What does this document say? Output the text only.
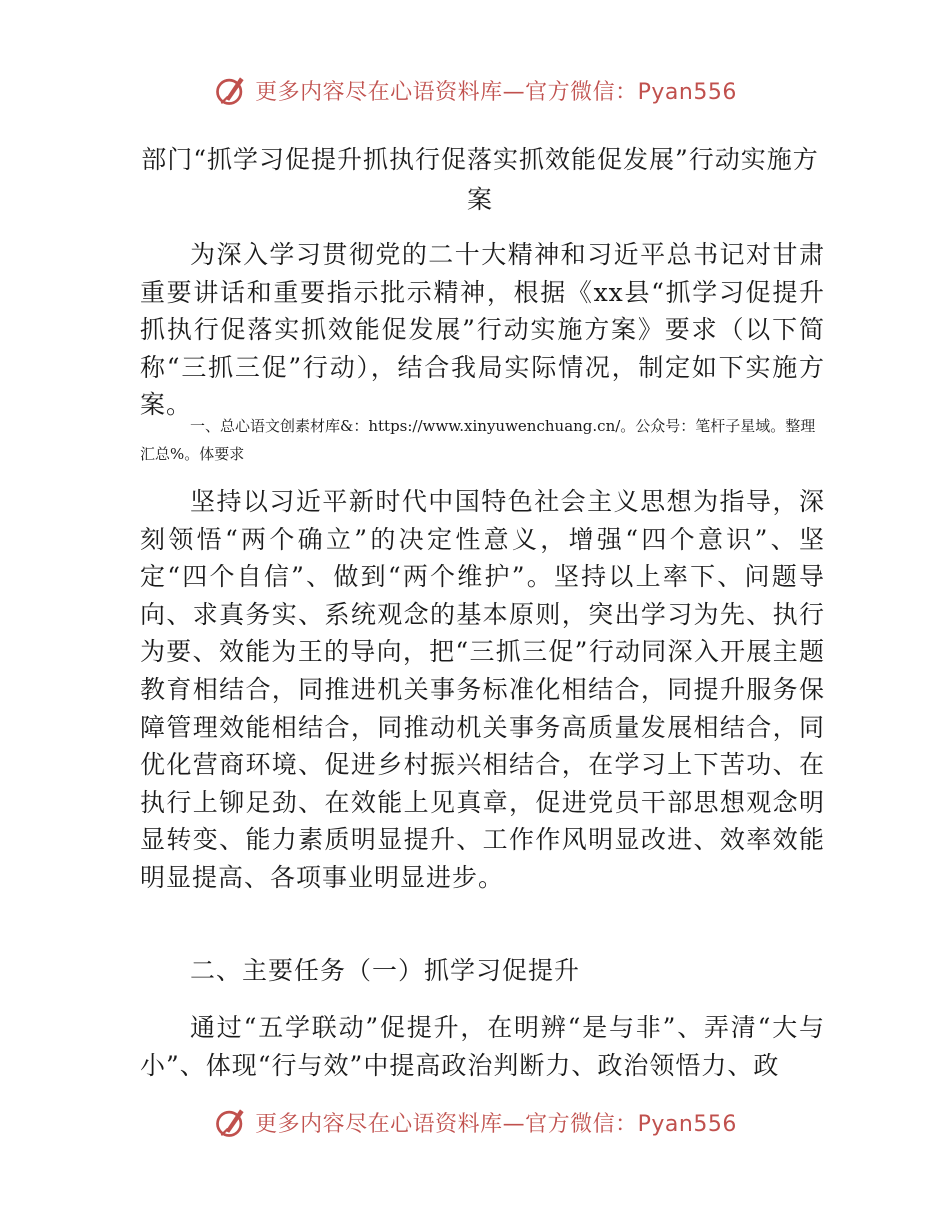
更多内容尽在心语资料库—官方微信：Pyan556
部门“抓学习促提升抓执行促落实抓效能促发展”行动实施方案
为深入学习贯彻党的二十大精神和习近平总书记对甘肃重要讲话和重要指示批示精神，根据《xx县“抓学习促提升抓执行促落实抓效能促发展”行动实施方案》要求（以下简称“三抓三促”行动），结合我局实际情况，制定如下实施方案。
一、总心语文创素材库&：https://www.xinyuwenchuang.cn/。公众号：笔杆子星域。整理汇总%。体要求
坚持以习近平新时代中国特色社会主义思想为指导，深刻领悟“两个确立”的决定性意义，增强“四个意识”、坚定“四个自信”、做到“两个维护”。坚持以上率下、问题导向、求真务实、系统观念的基本原则，突出学习为先、执行为要、效能为王的导向，把“三抓三促”行动同深入开展主题教育相结合，同推进机关事务标准化相结合，同提升服务保障管理效能相结合，同推动机关事务高质量发展相结合，同优化营商环境、促进乡村振兴相结合，在学习上下苦功、在执行上铆足劲、在效能上见真章，促进党员干部思想观念明显转变、能力素质明显提升、工作作风明显改进、效率效能明显提高、各项事业明显进步。
二、主要任务（一）抓学习促提升
通过“五学联动”促提升，在明辨“是与非”、弄清“大与小”、体现“行与效”中提高政治判断力、政治领悟力、政
更多内容尽在心语资料库—官方微信：Pyan556
